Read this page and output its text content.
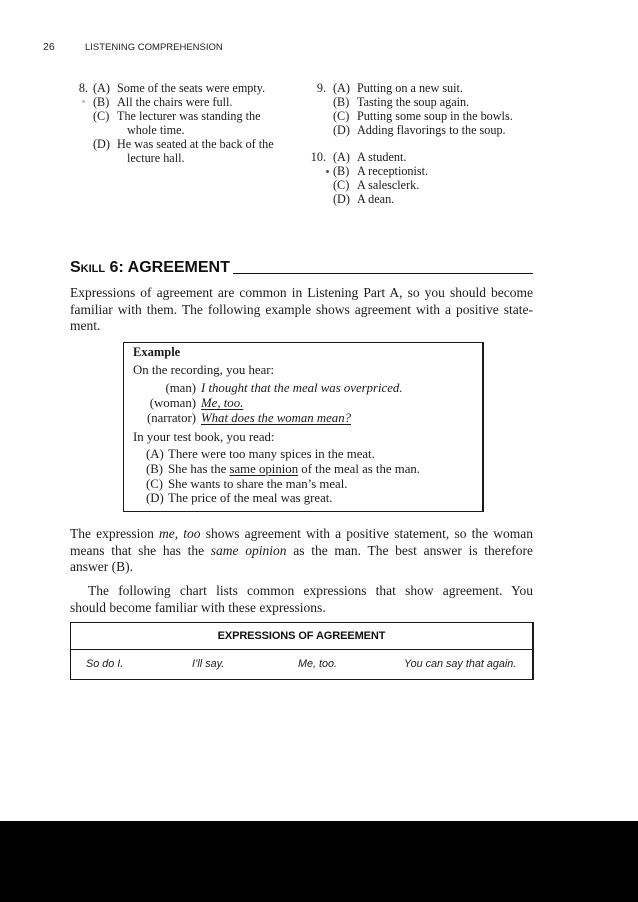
26	LISTENING COMPREHENSION
8. (A) Some of the seats were empty.
(B) All the chairs were full.
(C) The lecturer was standing the
whole time.
(D) He was seated at the back of the
lecture hall.
9. (A) Putting on a new suit.
(B) Tasting the soup again.
(C) Putting some soup in the bowls.
(D) Adding flavorings to the soup.
10. (A) A student.
(B) A receptionist.
(C) A salesclerk.
(D) A dean.
Skill 6: AGREEMENT
Expressions of agreement are common in Listening Part A, so you should become
familiar with them. The following example shows agreement with a positive state-
ment.
Example
On the recording, you hear:
(man) I thought that the meal was overpriced.
(woman) Me, too.
(narrator) What does the woman mean?
In your test book, you read:
(A) There were too many spices in the meat.
(B) She has the same opinion of the meal as the man.
(C) She wants to share the man’s meal.
(D) The price of the meal was great.
The expression me, too shows agreement with a positive statement, so the woman
means that she has the same opinion as the man. The best answer is therefore
answer (B).
The following chart lists common expressions that show agreement. You
should become familiar with these expressions.
EXPRESSIONS OF AGREEMENT
So do I.	I’ll say.	Me, too.	You can say that again.
